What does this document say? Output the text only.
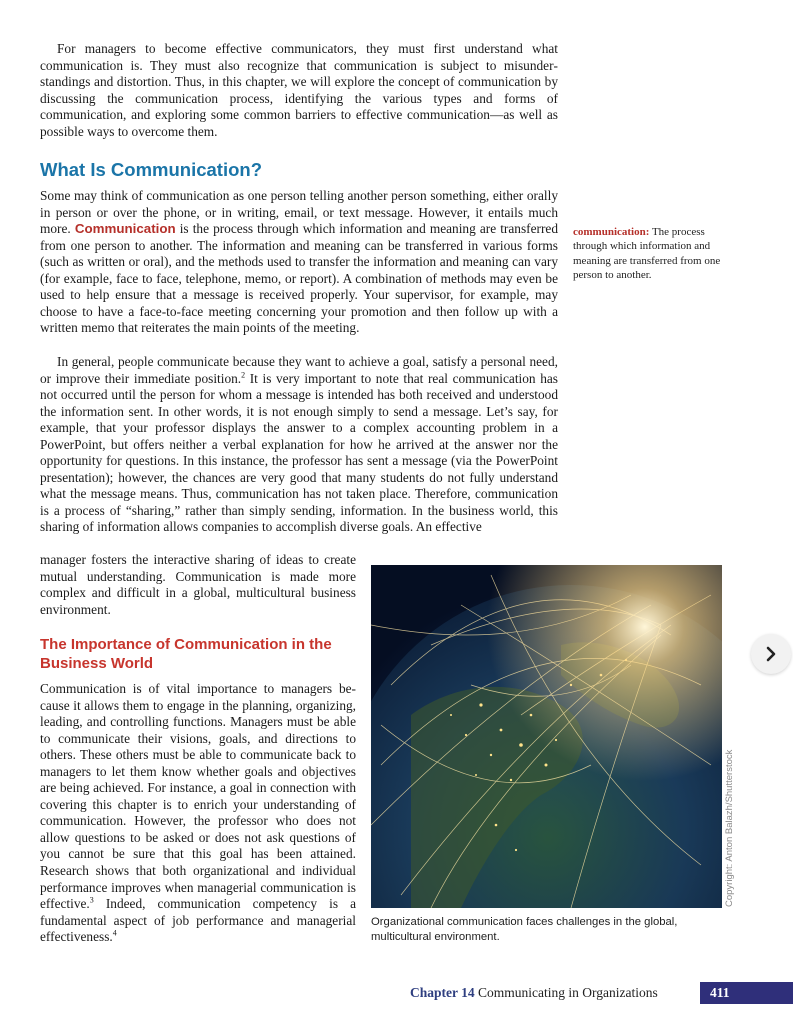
For managers to become effective communicators, they must first understand what communication is. They must also recognize that communication is subject to misunderstandings and distortion. Thus, in this chapter, we will explore the concept of communication by discussing the communication process, identifying the various types and forms of communication, and exploring some common barriers to effective communication—as well as possible ways to overcome them.

What Is Communication?

Some may think of communication as one person telling another person something, either orally in person or over the phone, or in writing, email, or text message. However, it entails much more. Communication is the process through which information and meaning are transferred from one person to another. The information and meaning can be transferred in various forms (such as written or oral), and the methods used to transfer the information and meaning can vary (for example, face to face, telephone, memo, or report). A combination of methods may even be used to help ensure that a message is received properly. Your supervisor, for example, may choose to have a face-to-face meeting concerning your promotion and then follow up with a written memo that reiterates the main points of the meeting.

In general, people communicate because they want to achieve a goal, satisfy a personal need, or improve their immediate position.$^2$ It is very important to note that real communication has not occurred until the person for whom a message is intended has both received and understood the information sent. In other words, it is not enough simply to send a message. Let’s say, for example, that your professor displays the answer to a complex accounting problem in a PowerPoint, but offers neither a verbal explanation for how he arrived at the answer nor the opportunity for questions. In this instance, the professor has sent a message (via the PowerPoint presentation); however, the chances are very good that many students do not fully understand what the message means. Thus, communication has not taken place. Therefore, communication is a process of “sharing,” rather than simply sending, information. In the business world, this sharing of information allows companies to accomplish diverse goals. An effective

manager fosters the interactive sharing of ideas to create mutual understanding. Communication is made more complex and difficult in a global, multicultural business environment.

communication: The process through which information and meaning are transferred from one person to another.
The Importance of Communication in the Business World

Communication is of vital importance to managers because it allows them to engage in the planning, organizing, leading, and controlling functions. Managers must be able to communicate their visions, goals, and directions to others. These others must be able to communicate back to managers to let them know whether goals and objectives are being achieved. For instance, a goal in connection with covering this chapter is to enrich your understanding of communication. However, the professor who does not allow questions to be asked or does not ask questions of you cannot be sure that this goal has been attained. Research shows that both organizational and individual performance improves when managerial communication is effective.$^3$ Indeed, communication competency is a fundamental aspect of job performance and managerial effectiveness.$^4$

Copyright: Anton Balazh/Shutterstock
Organizational communication faces challenges in the global, multicultural environment.
Chapter 14 Communicating in Organizations	411
